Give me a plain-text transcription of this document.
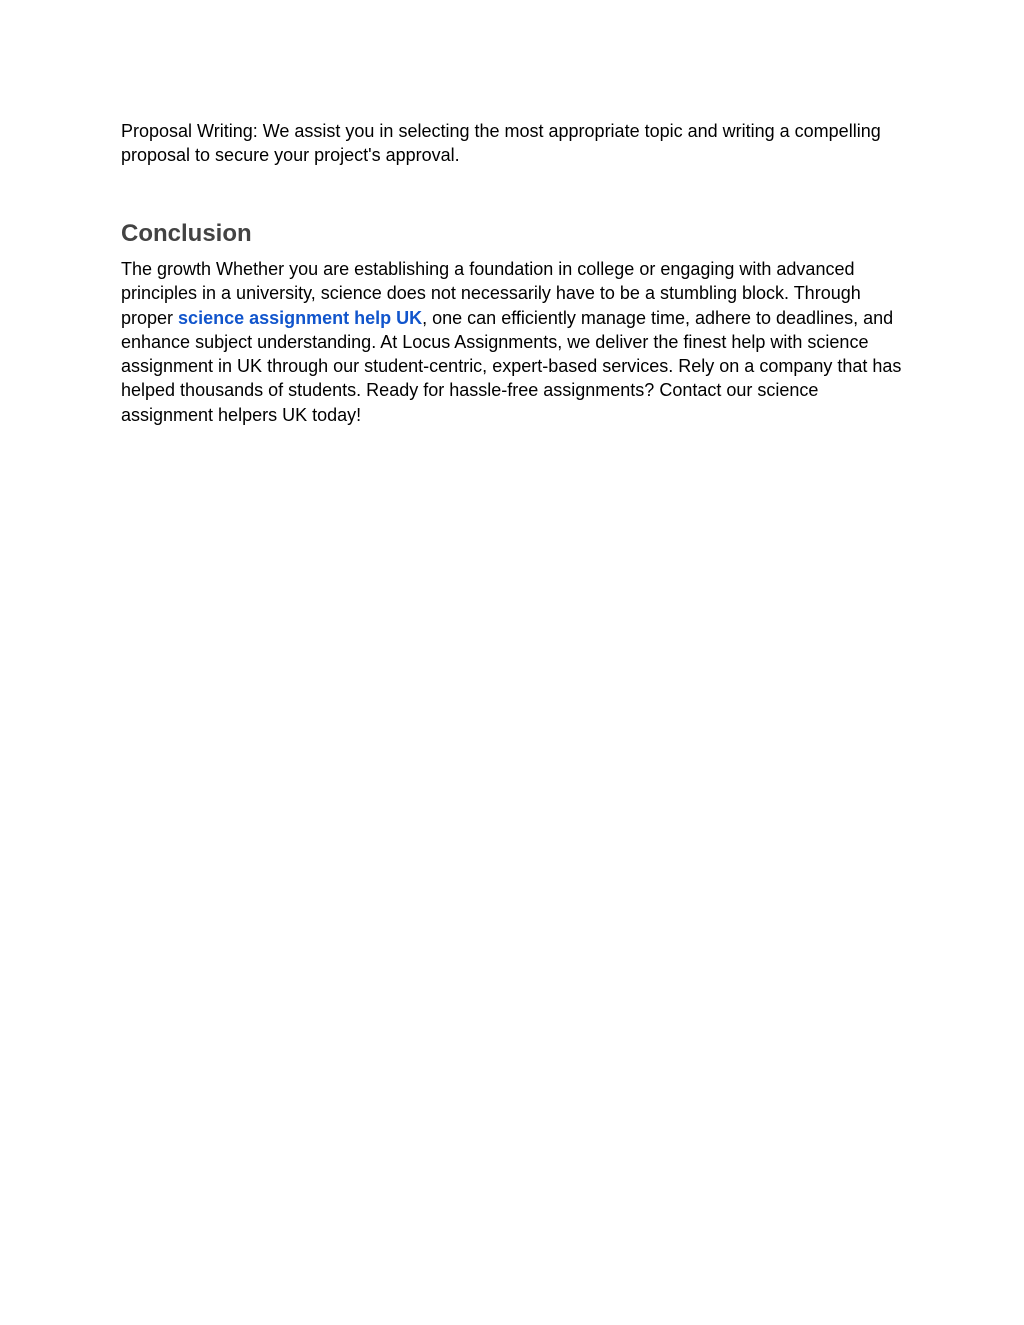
Proposal Writing: We assist you in selecting the most appropriate topic and writing a compelling proposal to secure your project's approval.

Conclusion

The growth Whether you are establishing a foundation in college or engaging with advanced principles in a university, science does not necessarily have to be a stumbling block. Through proper science assignment help UK, one can efficiently manage time, adhere to deadlines, and enhance subject understanding. At Locus Assignments, we deliver the finest help with science assignment in UK through our student-centric, expert-based services. Rely on a company that has helped thousands of students. Ready for hassle-free assignments? Contact our science assignment helpers UK today!
